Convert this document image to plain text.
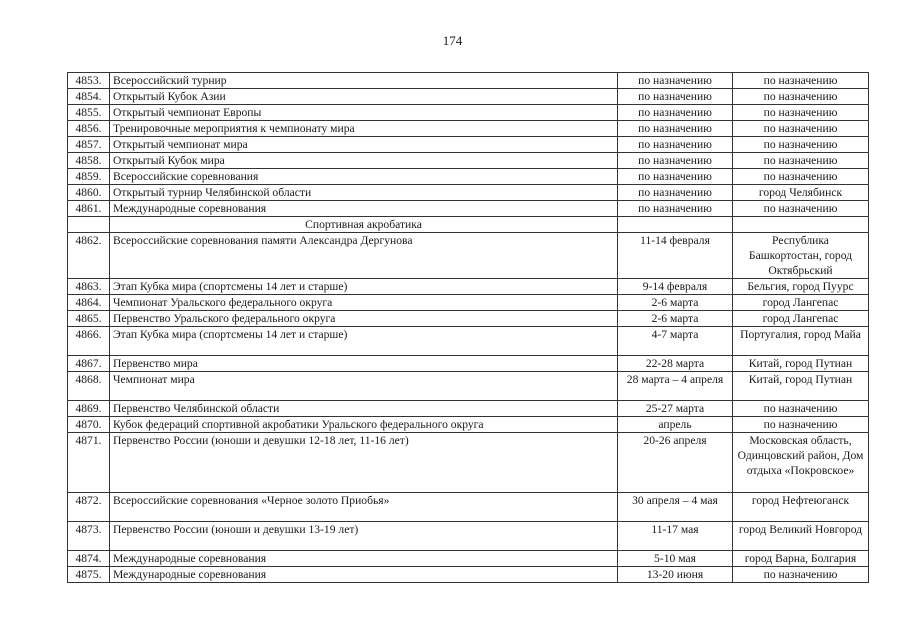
174
4853.	Всероссийский турнир	по назначению	по назначению
4854.	Открытый Кубок Азии	по назначению	по назначению
4855.	Открытый чемпионат Европы	по назначению	по назначению
4856.	Тренировочные мероприятия к чемпионату мира	по назначению	по назначению
4857.	Открытый чемпионат мира	по назначению	по назначению
4858.	Открытый Кубок мира	по назначению	по назначению
4859.	Всероссийские соревнования	по назначению	по назначению
4860.	Открытый турнир Челябинской области	по назначению	город Челябинск
4861.	Международные соревнования	по назначению	по назначению
	Спортивная акробатика		
4862.	Всероссийские соревнования памяти Александра Дергунова	11-14 февраля	Республика Башкортостан, город Октябрьский
4863.	Этап Кубка мира (спортсмены 14 лет и старше)	9-14 февраля	Бельгия, город Пуурс
4864.	Чемпионат Уральского федерального округа	2-6 марта	город Лангепас
4865.	Первенство Уральского федерального округа	2-6 марта	город Лангепас
4866.	Этап Кубка мира (спортсмены 14 лет и старше)	4-7 марта	Португалия, город Майа
4867.	Первенство мира	22-28 марта	Китай, город Путиан
4868.	Чемпионат мира	28 марта – 4 апреля	Китай, город Путиан
4869.	Первенство Челябинской области	25-27 марта	по назначению
4870.	Кубок федераций спортивной акробатики Уральского федерального округа	апрель	по назначению
4871.	Первенство России (юноши и девушки 12-18 лет, 11-16 лет)	20-26 апреля	Московская область, Одинцовский район, Дом отдыха «Покровское»
4872.	Всероссийские соревнования «Черное золото Приобья»	30 апреля – 4 мая	город Нефтеюганск
4873.	Первенство России (юноши и девушки 13-19 лет)	11-17 мая	город Великий Новгород
4874.	Международные соревнования	5-10 мая	город Варна, Болгария
4875.	Международные соревнования	13-20 июня	по назначению
